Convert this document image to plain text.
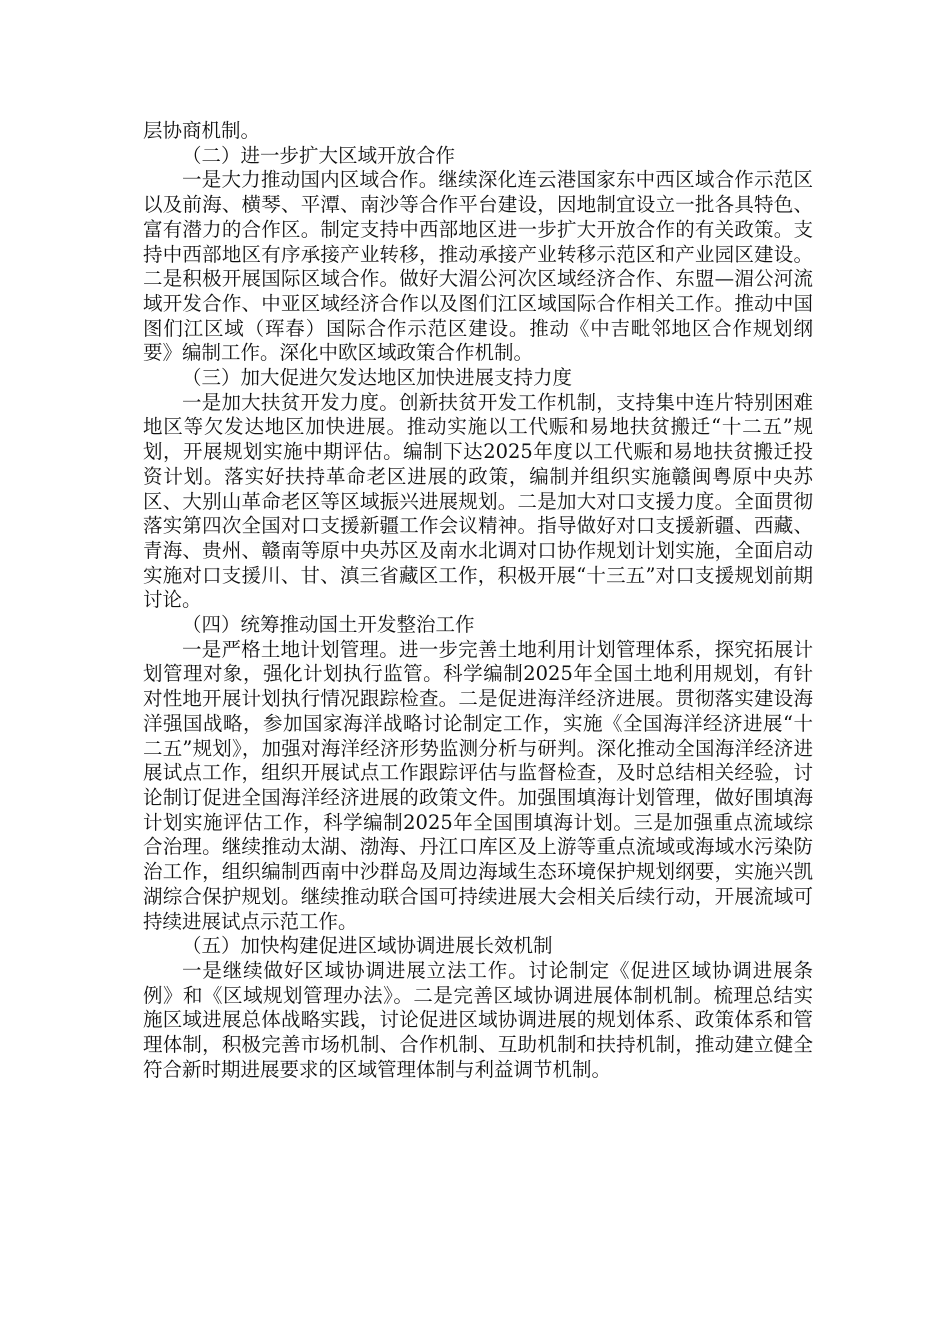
层协商机制。

（二）进一步扩大区域开放合作

一是大力推动国内区域合作。继续深化连云港国家东中西区域合作示范区以及前海、横琴、平潭、南沙等合作平台建设，因地制宜设立一批各具特色、富有潜力的合作区。制定支持中西部地区进一步扩大开放合作的有关政策。支持中西部地区有序承接产业转移，推动承接产业转移示范区和产业园区建设。二是积极开展国际区域合作。做好大湄公河次区域经济合作、东盟—湄公河流域开发合作、中亚区域经济合作以及图们江区域国际合作相关工作。推动中国图们江区域（珲春）国际合作示范区建设。推动《中吉毗邻地区合作规划纲要》编制工作。深化中欧区域政策合作机制。

（三）加大促进欠发达地区加快进展支持力度

一是加大扶贫开发力度。创新扶贫开发工作机制，支持集中连片特别困难地区等欠发达地区加快进展。推动实施以工代赈和易地扶贫搬迁“十二五”规划，开展规划实施中期评估。编制下达2025年度以工代赈和易地扶贫搬迁投资计划。落实好扶持革命老区进展的政策，编制并组织实施赣闽粤原中央苏区、大别山革命老区等区域振兴进展规划。二是加大对口支援力度。全面贯彻落实第四次全国对口支援新疆工作会议精神。指导做好对口支援新疆、西藏、青海、贵州、赣南等原中央苏区及南水北调对口协作规划计划实施，全面启动实施对口支援川、甘、滇三省藏区工作，积极开展“十三五”对口支援规划前期讨论。

（四）统筹推动国土开发整治工作

一是严格土地计划管理。进一步完善土地利用计划管理体系，探究拓展计划管理对象，强化计划执行监管。科学编制2025年全国土地利用规划，有针对性地开展计划执行情况跟踪检查。二是促进海洋经济进展。贯彻落实建设海洋强国战略，参加国家海洋战略讨论制定工作，实施《全国海洋经济进展“十二五”规划》，加强对海洋经济形势监测分析与研判。深化推动全国海洋经济进展试点工作，组织开展试点工作跟踪评估与监督检查，及时总结相关经验，讨论制订促进全国海洋经济进展的政策文件。加强围填海计划管理，做好围填海计划实施评估工作，科学编制2025年全国围填海计划。三是加强重点流域综合治理。继续推动太湖、渤海、丹江口库区及上游等重点流域或海域水污染防治工作，组织编制西南中沙群岛及周边海域生态环境保护规划纲要，实施兴凯湖综合保护规划。继续推动联合国可持续进展大会相关后续行动，开展流域可持续进展试点示范工作。

（五）加快构建促进区域协调进展长效机制

一是继续做好区域协调进展立法工作。讨论制定《促进区域协调进展条例》和《区域规划管理办法》。二是完善区域协调进展体制机制。梳理总结实施区域进展总体战略实践，讨论促进区域协调进展的规划体系、政策体系和管理体制，积极完善市场机制、合作机制、互助机制和扶持机制，推动建立健全符合新时期进展要求的区域管理体制与利益调节机制。
